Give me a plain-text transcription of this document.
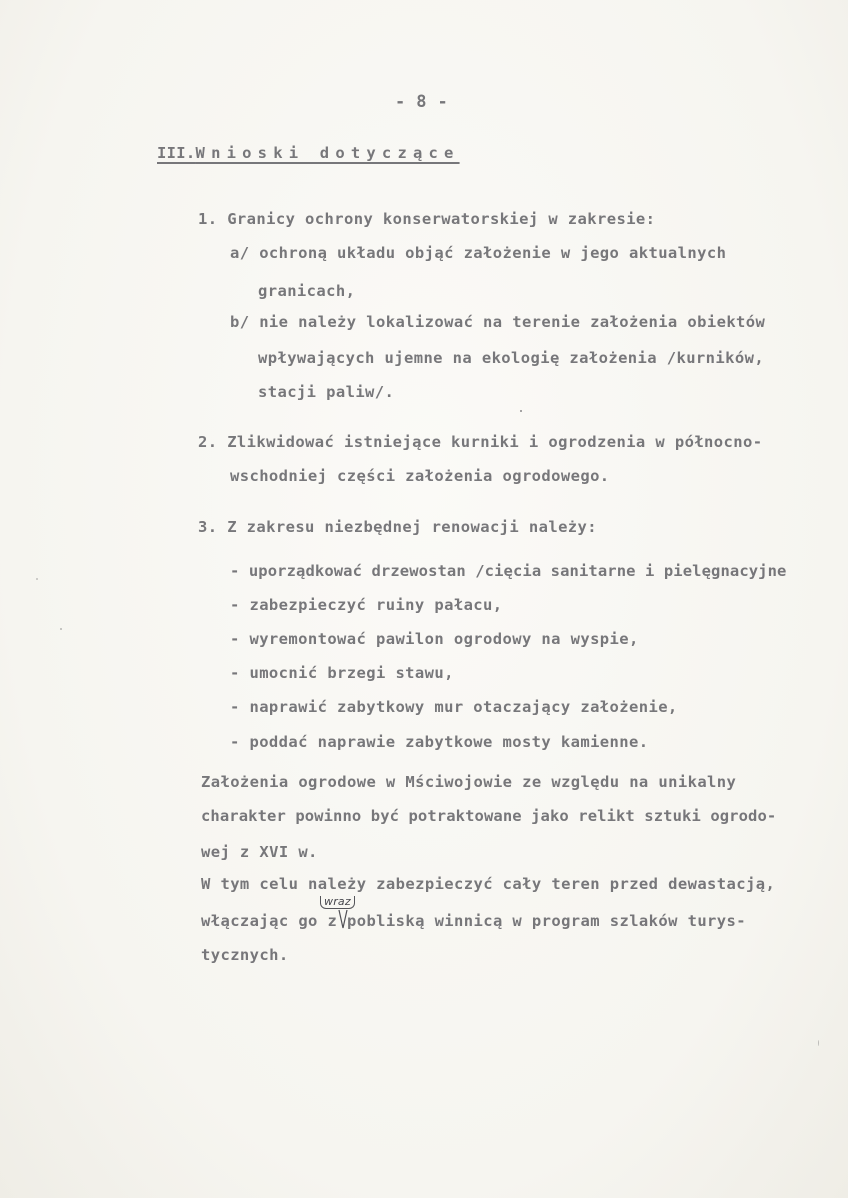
- 8 -
III.Wnioski dotyczące
1. Granicy ochrony konserwatorskiej w zakresie:
a/ ochroną układu objąć założenie w jego aktualnych
granicach,
b/ nie należy lokalizować na terenie założenia obiektów
wpływających ujemne na ekologię założenia /kurników,
stacji paliw/.
2. Zlikwidować istniejące kurniki i ogrodzenia w północno-
wschodniej części założenia ogrodowego.
3. Z zakresu niezbędnej renowacji należy:
- uporządkować drzewostan /cięcia sanitarne i pielęgnacyjne
- zabezpieczyć ruiny pałacu,
- wyremontować pawilon ogrodowy na wyspie,
- umocnić brzegi stawu,
- naprawić zabytkowy mur otaczający założenie,
- poddać naprawie zabytkowe mosty kamienne.
Założenia ogrodowe w Mściwojowie ze względu na unikalny
charakter powinno być potraktowane jako relikt sztuki ogrodo-
wej z XVI w.
W tym celu należy zabezpieczyć cały teren przed dewastacją,
włączając go z pobliską winnicą w program szlaków turys-
tycznych.
wraz
